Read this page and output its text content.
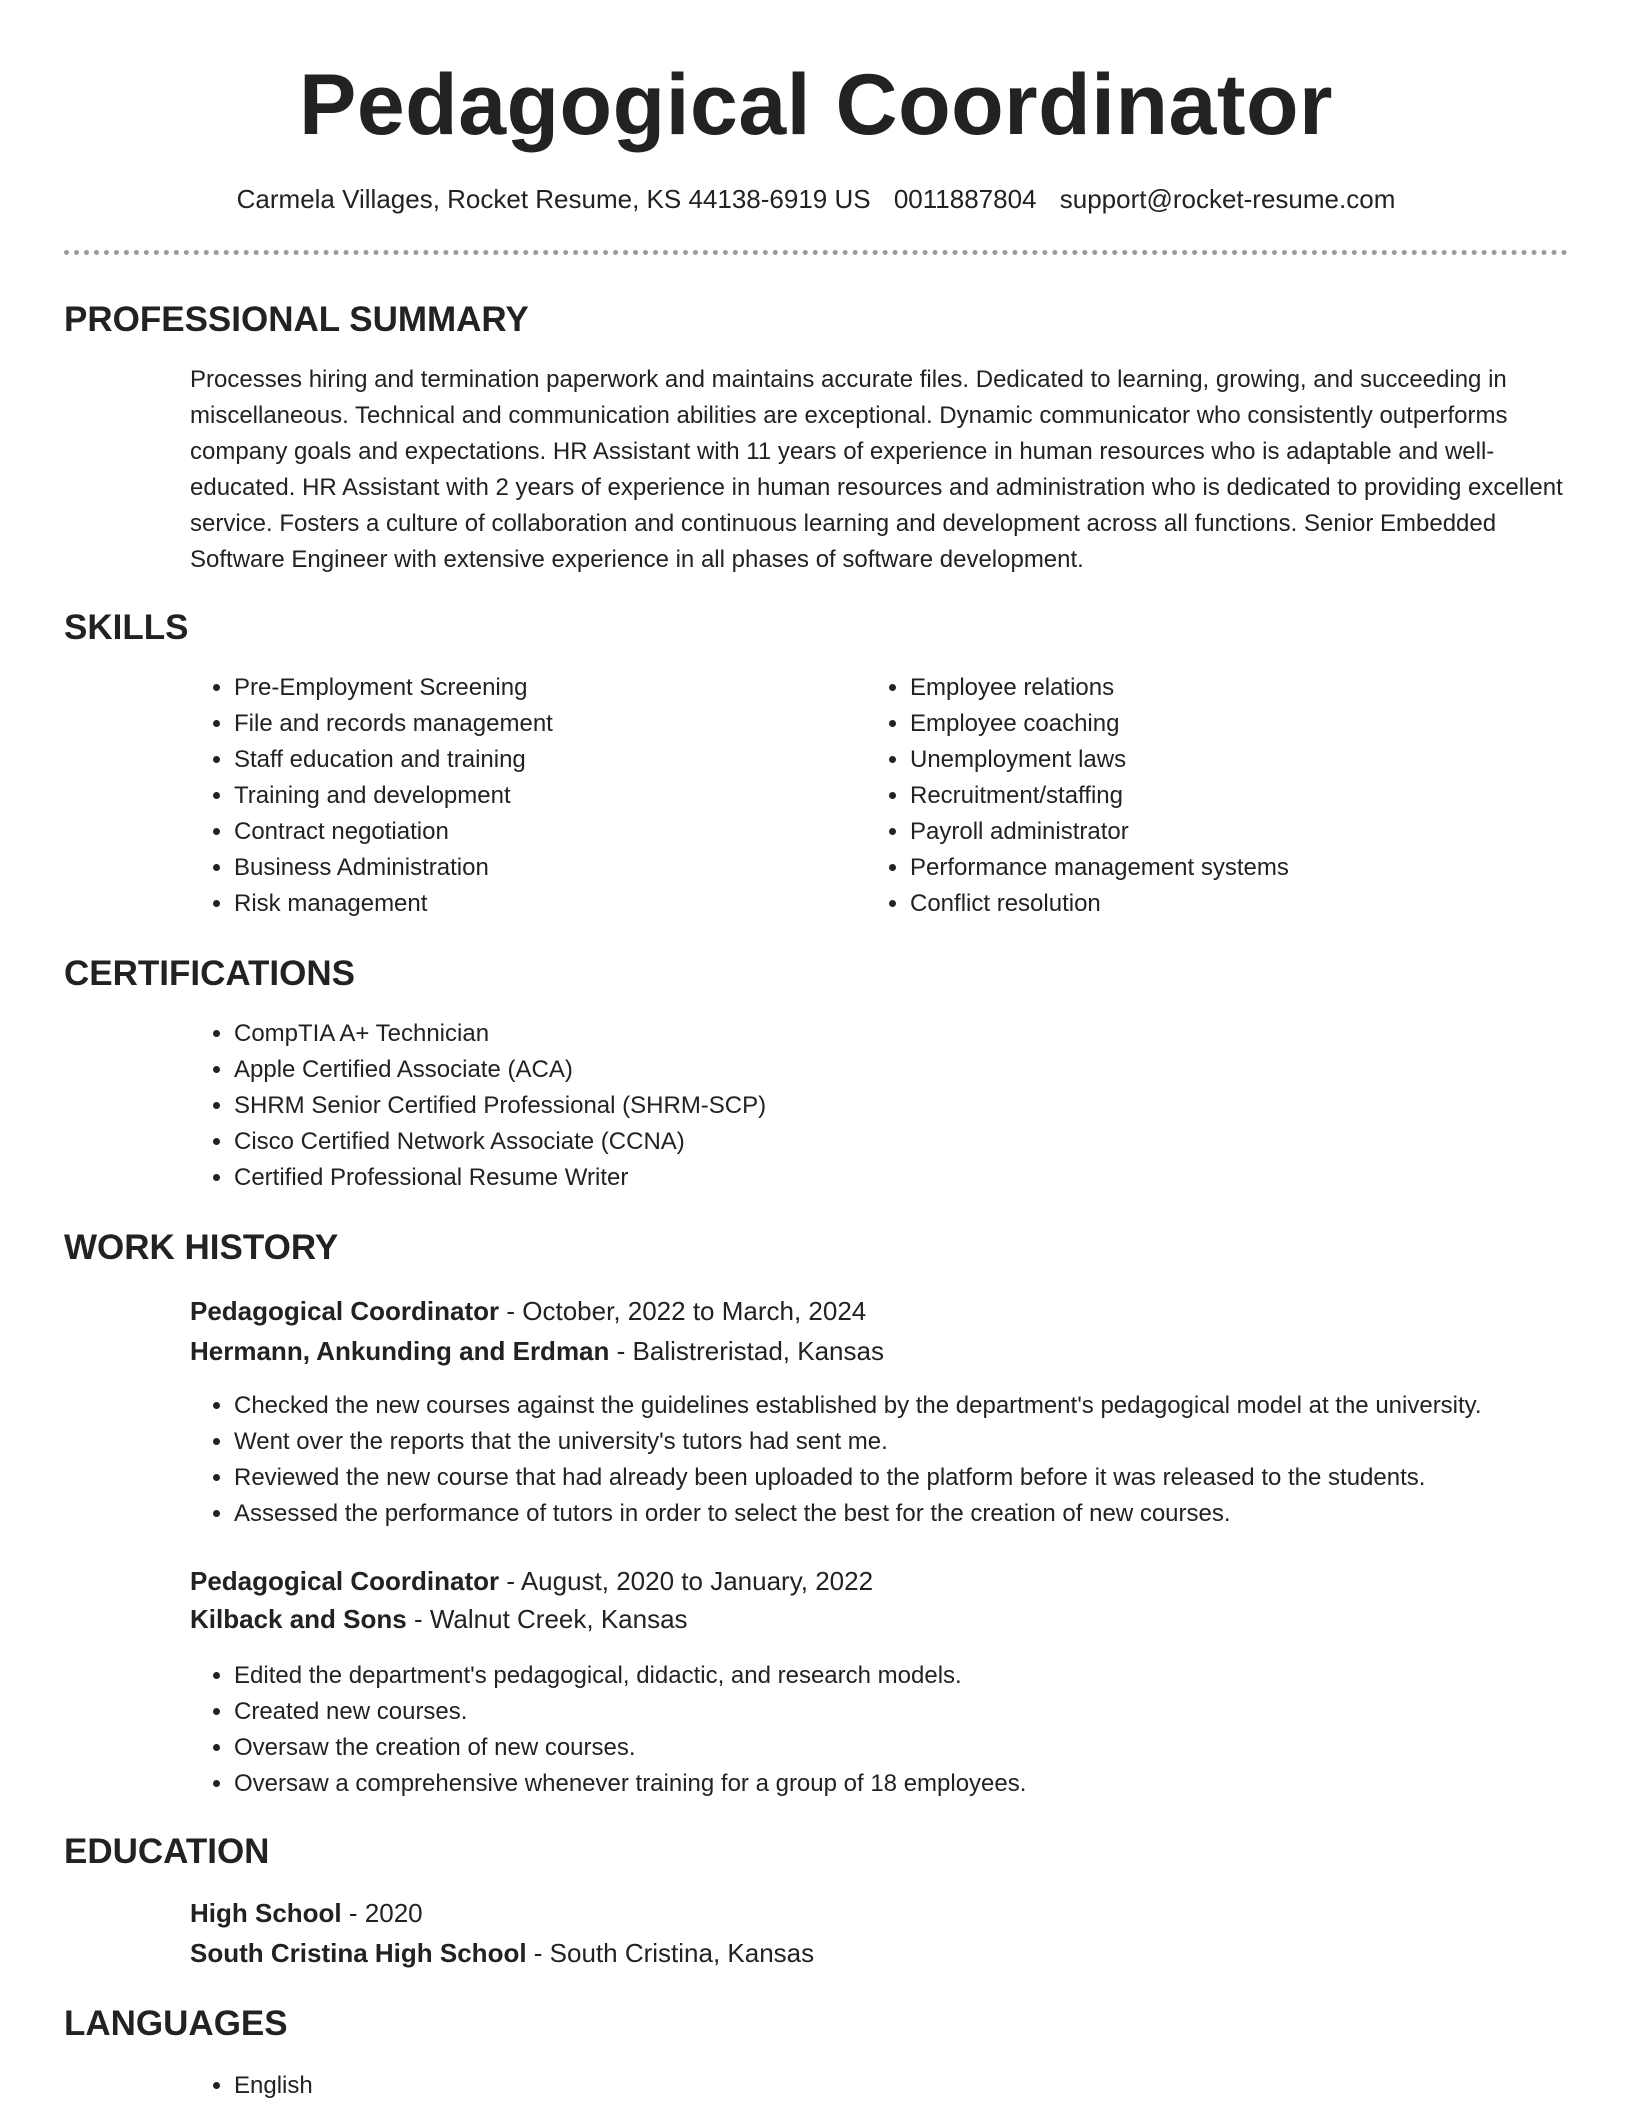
Pedagogical Coordinator
Carmela Villages, Rocket Resume, KS 44138-6919 US 0011887804 support@rocket-resume.com
PROFESSIONAL SUMMARY

Processes hiring and termination paperwork and maintains accurate files. Dedicated to learning, growing, and succeeding in miscellaneous. Technical and communication abilities are exceptional. Dynamic communicator who consistently outperforms company goals and expectations. HR Assistant with 11 years of experience in human resources who is adaptable and well-educated. HR Assistant with 2 years of experience in human resources and administration who is dedicated to providing excellent service. Fosters a culture of collaboration and continuous learning and development across all functions. Senior Embedded Software Engineer with extensive experience in all phases of software development.

SKILLS
• Pre-Employment Screening
• File and records management
• Staff education and training
• Training and development
• Contract negotiation
• Business Administration
• Risk management
• Employee relations
• Employee coaching
• Unemployment laws
• Recruitment/staffing
• Payroll administrator
• Performance management systems
• Conflict resolution
CERTIFICATIONS
• CompTIA A+ Technician
• Apple Certified Associate (ACA)
• SHRM Senior Certified Professional (SHRM-SCP)
• Cisco Certified Network Associate (CCNA)
• Certified Professional Resume Writer
WORK HISTORY
Pedagogical Coordinator - October, 2022 to March, 2024
Hermann, Ankunding and Erdman - Balistreristad, Kansas
• Checked the new courses against the guidelines established by the department's pedagogical model at the university.
• Went over the reports that the university's tutors had sent me.
• Reviewed the new course that had already been uploaded to the platform before it was released to the students.
• Assessed the performance of tutors in order to select the best for the creation of new courses.
Pedagogical Coordinator - August, 2020 to January, 2022
Kilback and Sons - Walnut Creek, Kansas
• Edited the department's pedagogical, didactic, and research models.
• Created new courses.
• Oversaw the creation of new courses.
• Oversaw a comprehensive whenever training for a group of 18 employees.
EDUCATION
High School - 2020
South Cristina High School - South Cristina, Kansas
LANGUAGES
• English
